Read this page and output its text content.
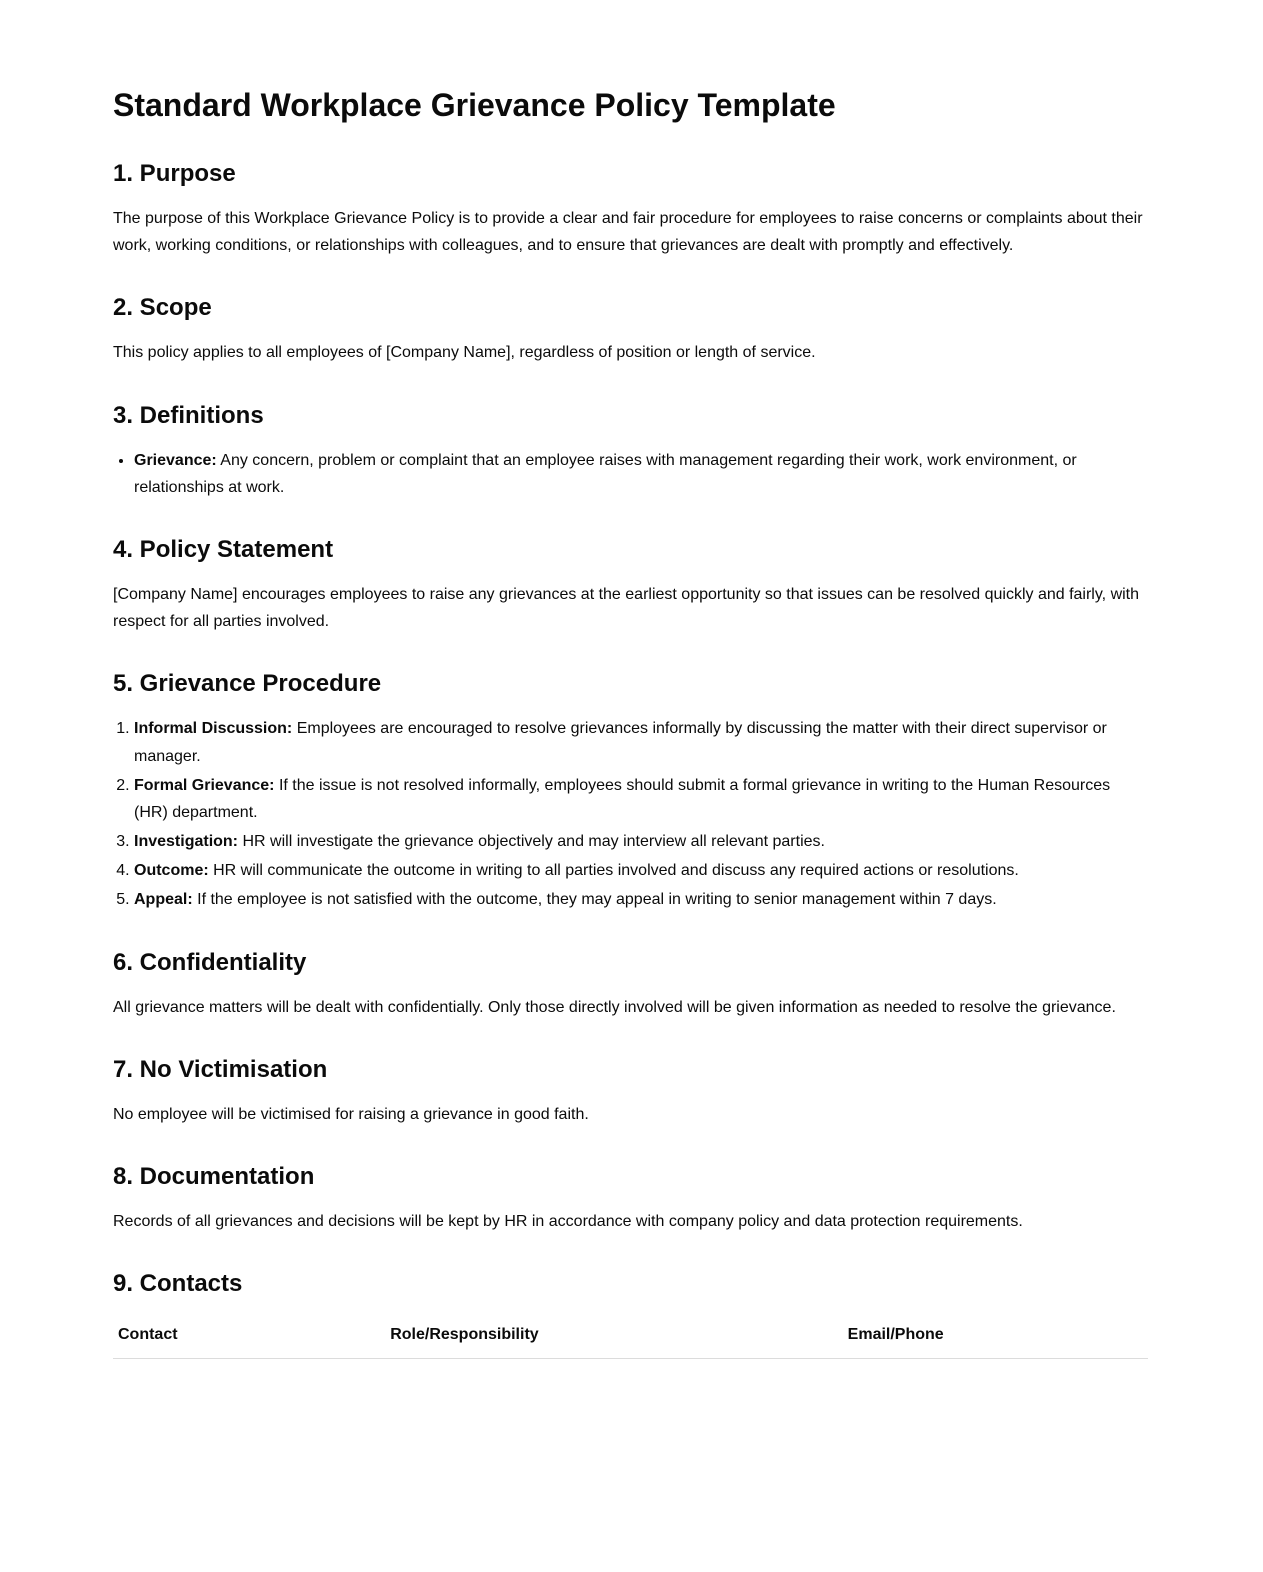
Standard Workplace Grievance Policy Template
1. Purpose

The purpose of this Workplace Grievance Policy is to provide a clear and fair procedure for employees to raise concerns or complaints about their work, working conditions, or relationships with colleagues, and to ensure that grievances are dealt with promptly and effectively.

2. Scope

This policy applies to all employees of [Company Name], regardless of position or length of service.

3. Definitions
• Grievance: Any concern, problem or complaint that an employee raises with management regarding their work, work environment, or relationships at work.
4. Policy Statement

[Company Name] encourages employees to raise any grievances at the earliest opportunity so that issues can be resolved quickly and fairly, with respect for all parties involved.

5. Grievance Procedure
1. Informal Discussion: Employees are encouraged to resolve grievances informally by discussing the matter with their direct supervisor or manager.
2. Formal Grievance: If the issue is not resolved informally, employees should submit a formal grievance in writing to the Human Resources (HR) department.
3. Investigation: HR will investigate the grievance objectively and may interview all relevant parties.
4. Outcome: HR will communicate the outcome in writing to all parties involved and discuss any required actions or resolutions.
5. Appeal: If the employee is not satisfied with the outcome, they may appeal in writing to senior management within 7 days.
6. Confidentiality

All grievance matters will be dealt with confidentially. Only those directly involved will be given information as needed to resolve the grievance.

7. No Victimisation

No employee will be victimised for raising a grievance in good faith.

8. Documentation

Records of all grievances and decisions will be kept by HR in accordance with company policy and data protection requirements.

9. Contacts
Contact	Role/Responsibility	Email/Phone
